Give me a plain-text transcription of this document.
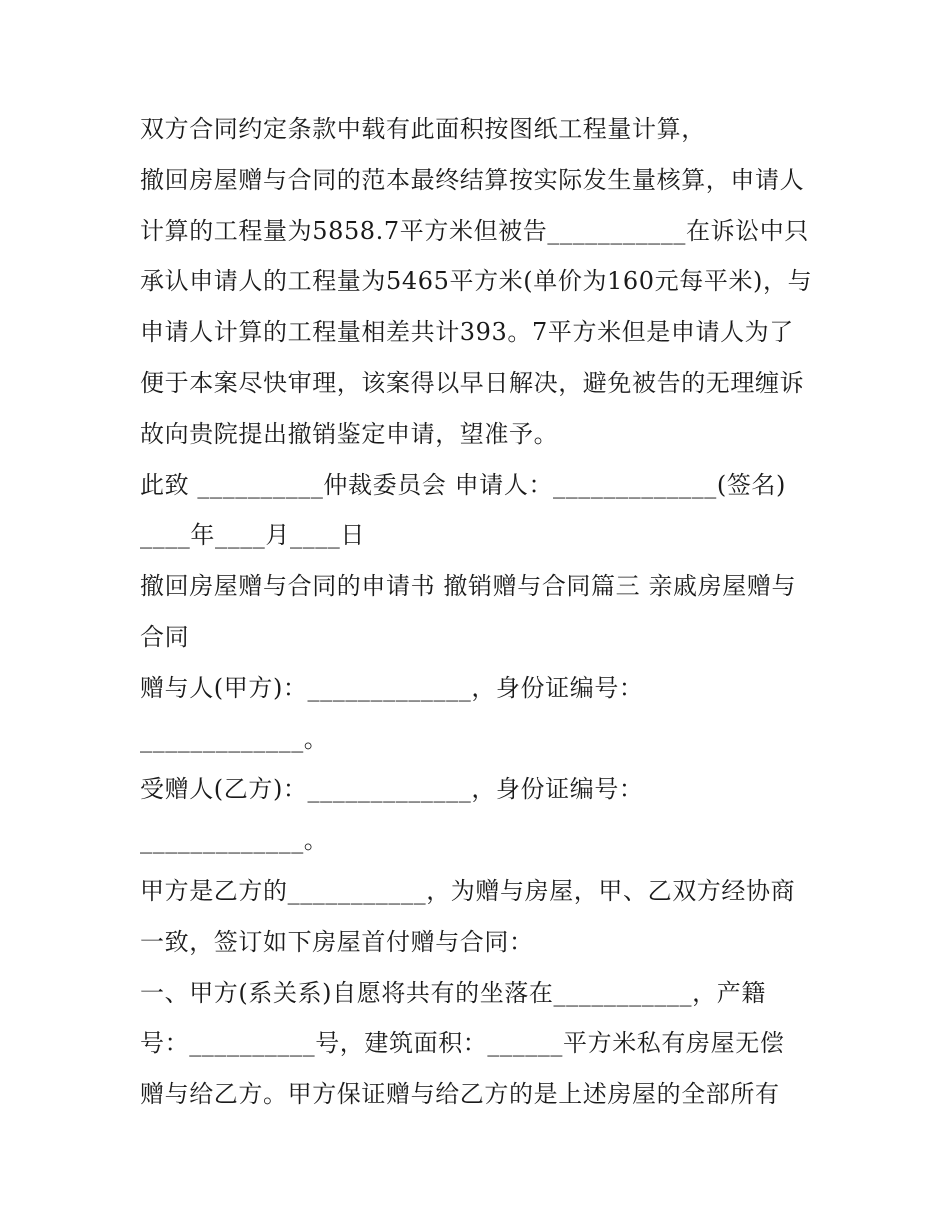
双方合同约定条款中载有此面积按图纸工程量计算，
撤回房屋赠与合同的范本最终结算按实际发生量核算，申请人
计算的工程量为5858.7平方米但被告___________在诉讼中只
承认申请人的工程量为5465平方米(单价为160元每平米)，与
申请人计算的工程量相差共计393。7平方米但是申请人为了
便于本案尽快审理，该案得以早日解决，避免被告的无理缠诉
故向贵院提出撤销鉴定申请，望准予。
此致 __________仲裁委员会 申请人：_____________(签名)
____年____月____日
撤回房屋赠与合同的申请书 撤销赠与合同篇三 亲戚房屋赠与
合同
赠与人(甲方)：_____________，身份证编号：
_____________。
受赠人(乙方)：_____________，身份证编号：
_____________。
甲方是乙方的___________，为赠与房屋，甲、乙双方经协商
一致，签订如下房屋首付赠与合同：
一、甲方(系关系)自愿将共有的坐落在___________，产籍
号：__________号，建筑面积：______平方米私有房屋无偿
赠与给乙方。甲方保证赠与给乙方的是上述房屋的全部所有
